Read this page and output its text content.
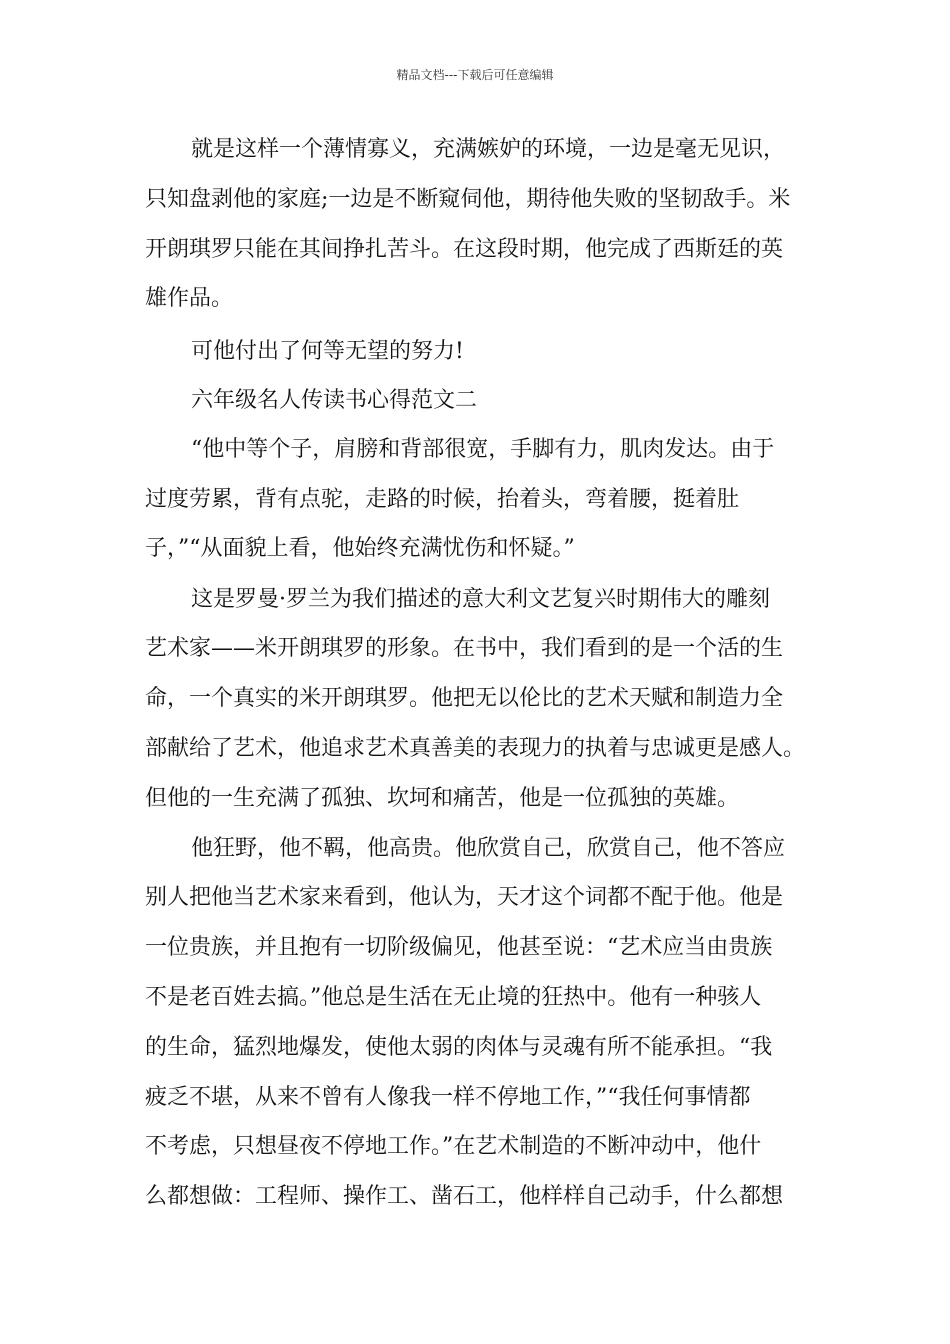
精品文档---下载后可任意编辑
就是这样一个薄情寡义，充满嫉妒的环境，一边是毫无见识，
只知盘剥他的家庭;一边是不断窥伺他，期待他失败的坚韧敌手。米
开朗琪罗只能在其间挣扎苦斗。在这段时期，他完成了西斯廷的英
雄作品。
可他付出了何等无望的努力!
六年级名人传读书心得范文二
“他中等个子，肩膀和背部很宽，手脚有力，肌肉发达。由于
过度劳累，背有点驼，走路的时候，抬着头，弯着腰，挺着肚
子，”“从面貌上看，他始终充满忧伤和怀疑。”
这是罗曼·罗兰为我们描述的意大利文艺复兴时期伟大的雕刻
艺术家——米开朗琪罗的形象。在书中，我们看到的是一个活的生
命，一个真实的米开朗琪罗。他把无以伦比的艺术天赋和制造力全
部献给了艺术，他追求艺术真善美的表现力的执着与忠诚更是感人。
但他的一生充满了孤独、坎坷和痛苦，他是一位孤独的英雄。
他狂野，他不羁，他高贵。他欣赏自己，欣赏自己，他不答应
别人把他当艺术家来看到，他认为，天才这个词都不配于他。他是
一位贵族，并且抱有一切阶级偏见，他甚至说：“艺术应当由贵族
不是老百姓去搞。”他总是生活在无止境的狂热中。他有一种骇人
的生命，猛烈地爆发，使他太弱的肉体与灵魂有所不能承担。“我
疲乏不堪，从来不曾有人像我一样不停地工作，”“我任何事情都
不考虑，只想昼夜不停地工作。”在艺术制造的不断冲动中，他什
么都想做：工程师、操作工、凿石工，他样样自己动手，什么都想
